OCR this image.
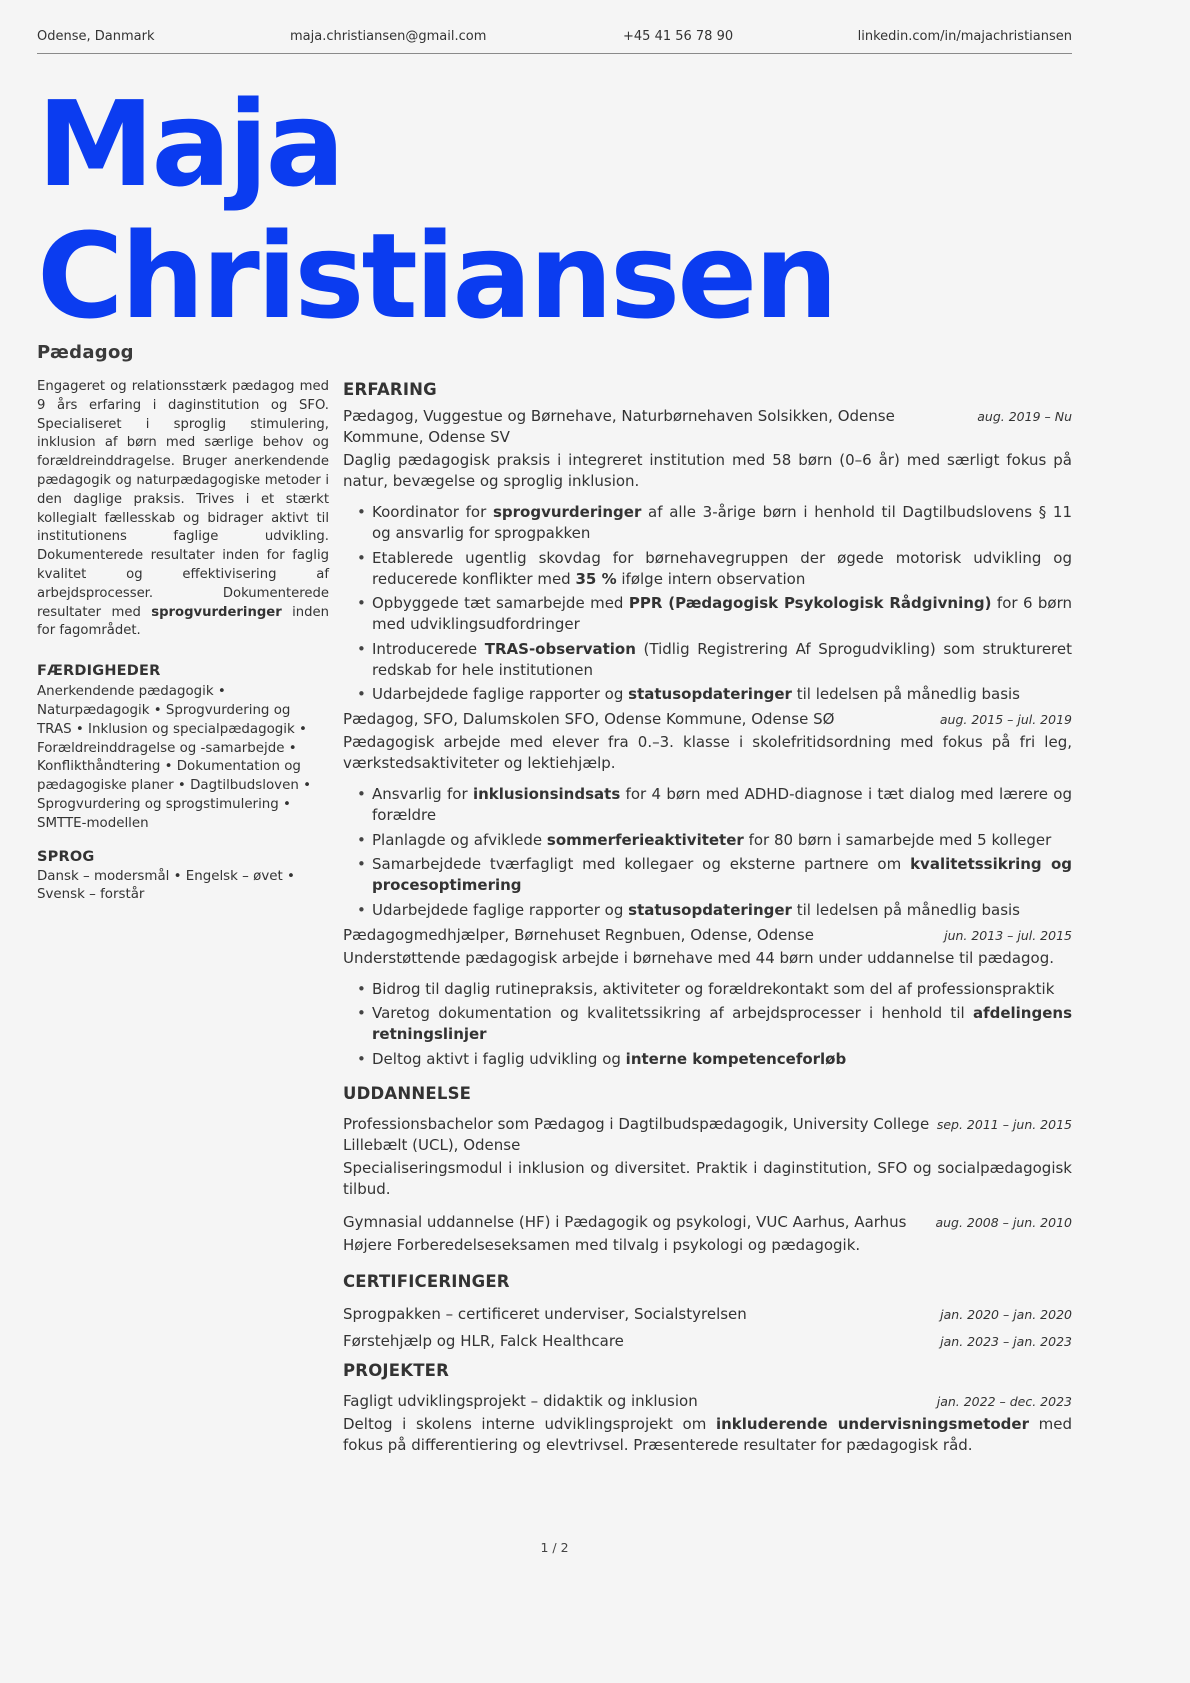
Odense, Danmark	maja.christiansen@gmail.com	+45 41 56 78 90	linkedin.com/in/majachristiansen
Maja
Christiansen
Pædagog

Engageret og relationsstærk pædagog med 9 års erfaring i daginstitution og SFO. Specialiseret i sproglig stimulering, inklusion af børn med særlige behov og forældreinddragelse. Bruger anerkendende pædagogik og naturpædagogiske metoder i den daglige praksis. Trives i et stærkt kollegialt fællesskab og bidrager aktivt til institutionens faglige udvikling. Dokumenterede resultater inden for faglig kvalitet og effektivisering af arbejdsprocesser. Dokumenterede resultater med sprogvurderinger inden for fagområdet.

FÆRDIGHEDER

Anerkendende pædagogik • Naturpædagogik • Sprogvurdering og TRAS • Inklusion og specialpædagogik • Forældreinddragelse og -samarbejde • Konflikthåndtering • Dokumentation og pædagogiske planer • Dagtilbudsloven • Sprogvurdering og sprogstimulering • SMTTE-modellen

SPROG

Dansk – modersmål • Engelsk – øvet • Svensk – forstår

ERFARING
Pædagog, Vuggestue og Børnehave, Naturbørnehaven Solsikken, Odense Kommune, Odense SV
aug. 2019 – Nu

Daglig pædagogisk praksis i integreret institution med 58 børn (0–6 år) med særligt fokus på natur, bevægelse og sproglig inklusion.

• Koordinator for sprogvurderinger af alle 3-årige børn i henhold til Dagtilbudslovens § 11 og ansvarlig for sprogpakken
• Etablerede ugentlig skovdag for børnehavegruppen der øgede motorisk udvikling og reducerede konflikter med 35 % ifølge intern observation
• Opbyggede tæt samarbejde med PPR (Pædagogisk Psykologisk Rådgivning) for 6 børn med udviklingsudfordringer
• Introducerede TRAS-observation (Tidlig Registrering Af Sprogudvikling) som struktureret redskab for hele institutionen
• Udarbejdede faglige rapporter og statusopdateringer til ledelsen på månedlig basis
Pædagog, SFO, Dalumskolen SFO, Odense Kommune, Odense SØ	aug. 2015 – jul. 2019

Pædagogisk arbejde med elever fra 0.–3. klasse i skolefritidsordning med fokus på fri leg, værkstedsaktiviteter og lektiehjælp.

• Ansvarlig for inklusionsindsats for 4 børn med ADHD-diagnose i tæt dialog med lærere og forældre
• Planlagde og afviklede sommerferieaktiviteter for 80 børn i samarbejde med 5 kolleger
• Samarbejdede tværfagligt med kollegaer og eksterne partnere om kvalitetssikring og procesoptimering
• Udarbejdede faglige rapporter og statusopdateringer til ledelsen på månedlig basis
Pædagogmedhjælper, Børnehuset Regnbuen, Odense, Odense	jun. 2013 – jul. 2015

Understøttende pædagogisk arbejde i børnehave med 44 børn under uddannelse til pædagog.

• Bidrog til daglig rutinepraksis, aktiviteter og forældrekontakt som del af professionspraktik
• Varetog dokumentation og kvalitetssikring af arbejdsprocesser i henhold til afdelingens retningslinjer
• Deltog aktivt i faglig udvikling og interne kompetenceforløb
UDDANNELSE
Professionsbachelor som Pædagog i Dagtilbudspædagogik, University College Lillebælt (UCL), Odense
sep. 2011 – jun. 2015

Specialiseringsmodul i inklusion og diversitet. Praktik i daginstitution, SFO og socialpædagogisk tilbud.

Gymnasial uddannelse (HF) i Pædagogik og psykologi, VUC Aarhus, Aarhus	aug. 2008 – jun. 2010

Højere Forberedelseseksamen med tilvalg i psykologi og pædagogik.

CERTIFICERINGER
Sprogpakken – certificeret underviser, Socialstyrelsen	jan. 2020 – jan. 2020
Førstehjælp og HLR, Falck Healthcare	jan. 2023 – jan. 2023
PROJEKTER
Fagligt udviklingsprojekt – didaktik og inklusion	jan. 2022 – dec. 2023

Deltog i skolens interne udviklingsprojekt om inkluderende undervisningsmetoder med fokus på differentiering og elevtrivsel. Præsenterede resultater for pædagogisk råd.

1 / 2
